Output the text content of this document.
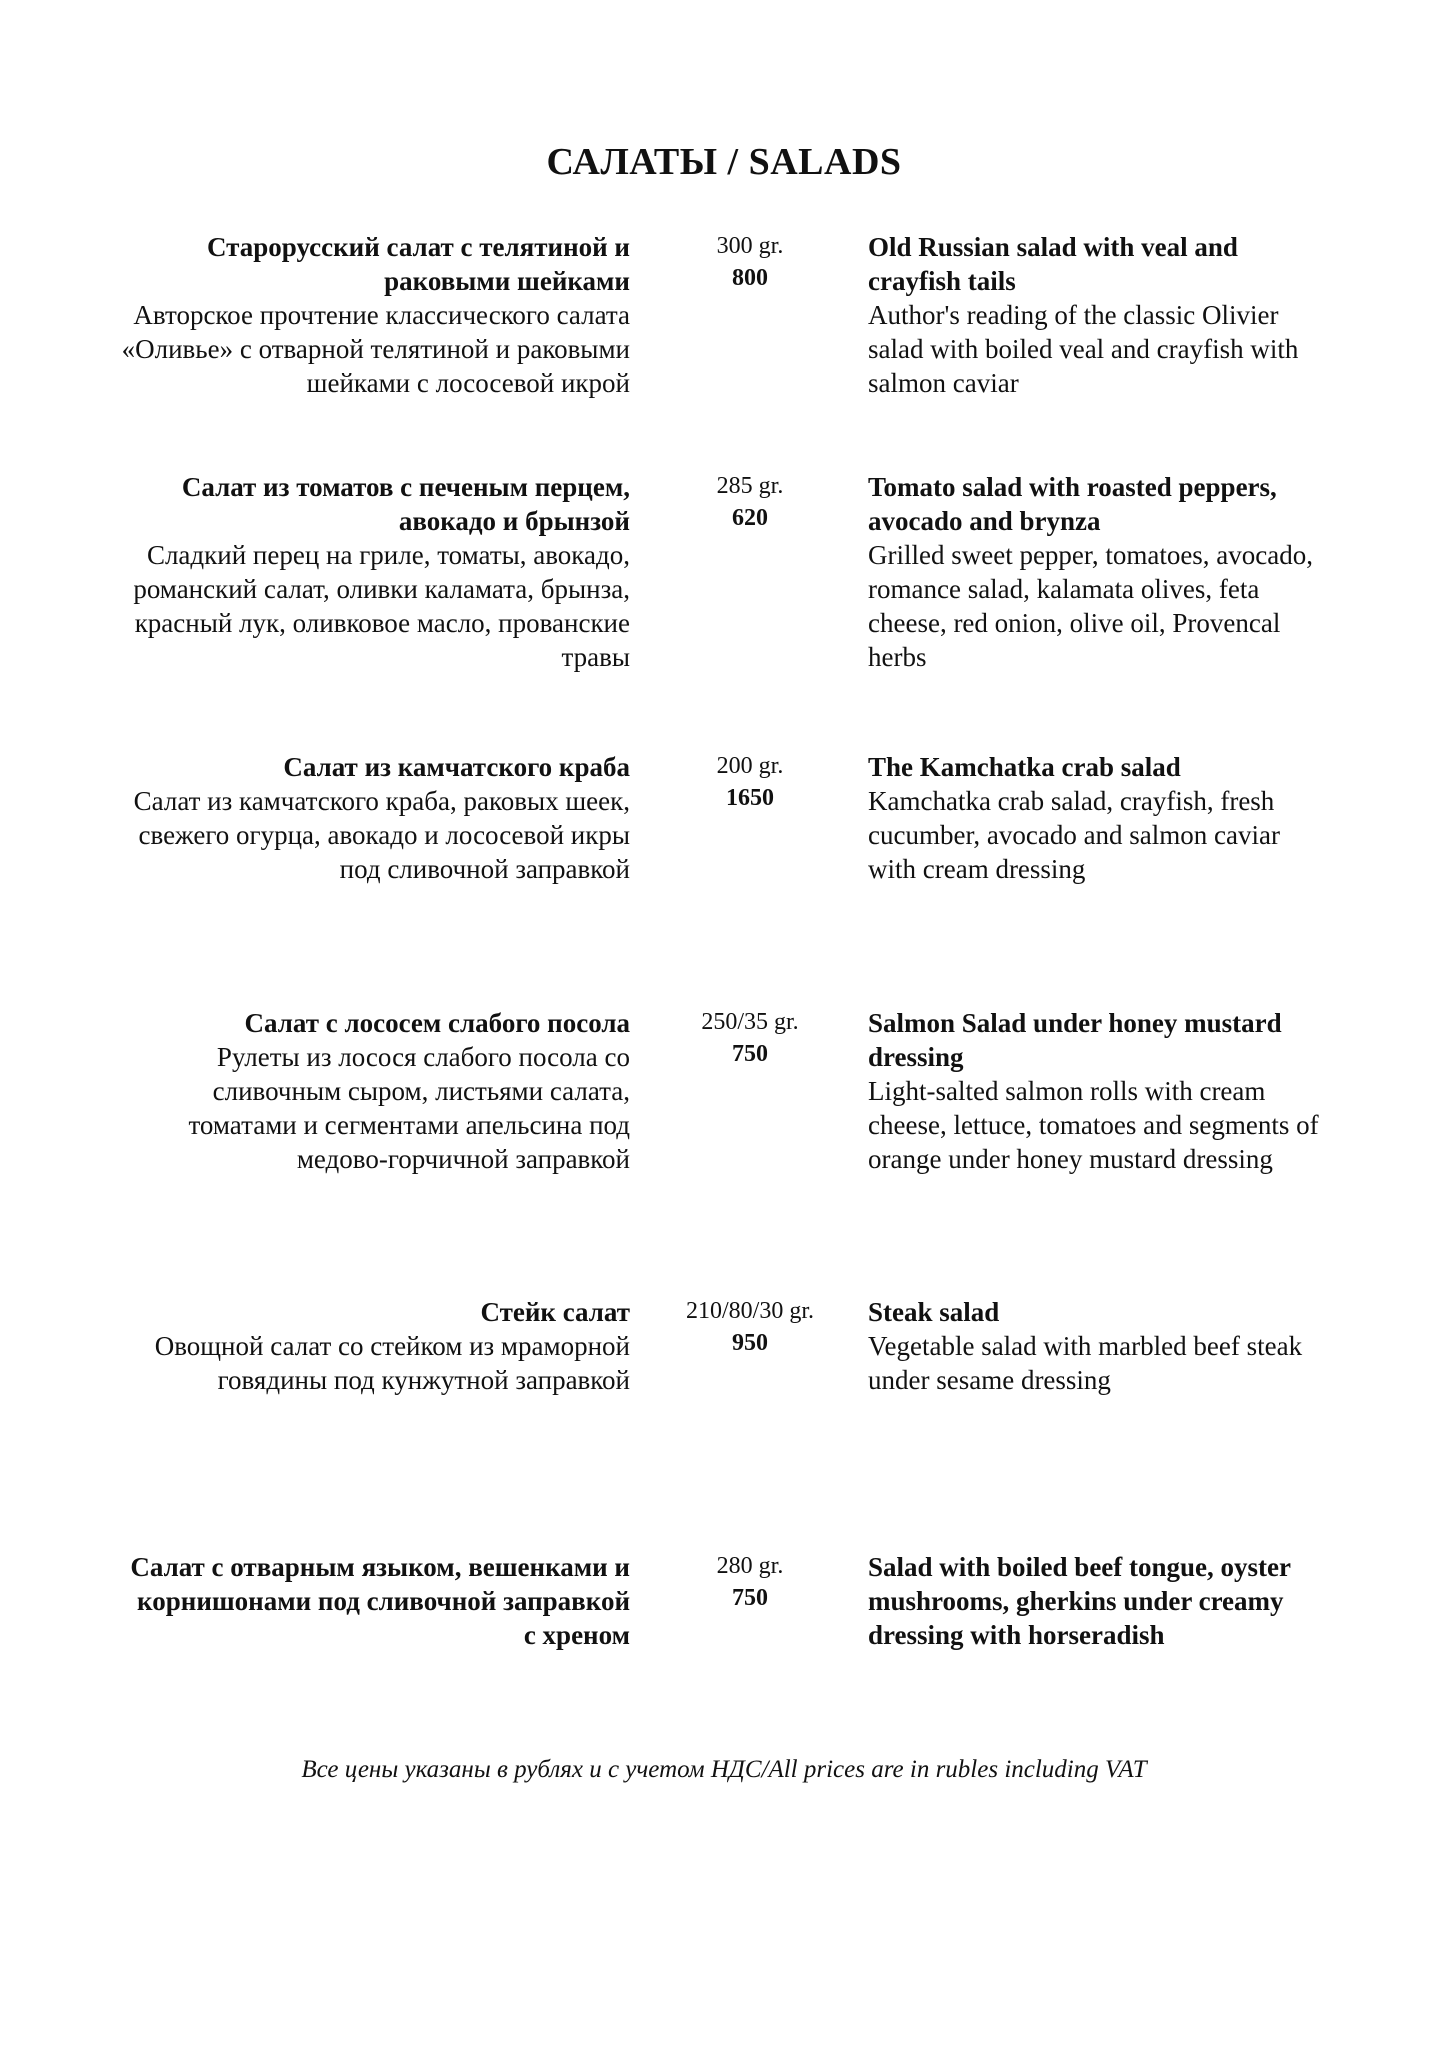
САЛАТЫ / SALADS
Старорусский салат с телятиной и раковыми шейками
Авторское прочтение классического салата «Оливье» с отварной телятиной и раковыми шейками с лососевой икрой
300 gr.
800
Old Russian salad with veal and crayfish tails
Author's reading of the classic Olivier salad with boiled veal and crayfish with salmon caviar
Салат из томатов с печеным перцем, авокадо и брынзой
Сладкий перец на гриле, томаты, авокадо, романский салат, оливки каламата, брынза, красный лук, оливковое масло, прованские травы
285 gr.
620
Tomato salad with roasted peppers, avocado and brynza
Grilled sweet pepper, tomatoes, avocado, romance salad, kalamata olives, feta cheese, red onion, olive oil, Provencal herbs
Салат из камчатского краба
Салат из камчатского краба, раковых шеек, свежего огурца, авокадо и лососевой икры под сливочной заправкой
200 gr.
1650
The Kamchatka crab salad
Kamchatka crab salad, crayfish, fresh cucumber, avocado and salmon caviar with cream dressing
Салат с лососем слабого посола
Рулеты из лосося слабого посола со сливочным сыром, листьями салата, томатами и сегментами апельсина под медово-горчичной заправкой
250/35 gr.
750
Salmon Salad under honey mustard dressing
Light-salted salmon rolls with cream cheese, lettuce, tomatoes and segments of orange under honey mustard dressing
Стейк салат
Овощной салат со стейком из мраморной говядины под кунжутной заправкой
210/80/30 gr.
950
Steak salad
Vegetable salad with marbled beef steak under sesame dressing
Салат с отварным языком, вешенками и корнишонами под сливочной заправкой с хреном
280 gr.
750
Salad with boiled beef tongue, oyster mushrooms, gherkins under creamy dressing with horseradish
Все цены указаны в рублях и с учетом НДС/All prices are in rubles including VAT
